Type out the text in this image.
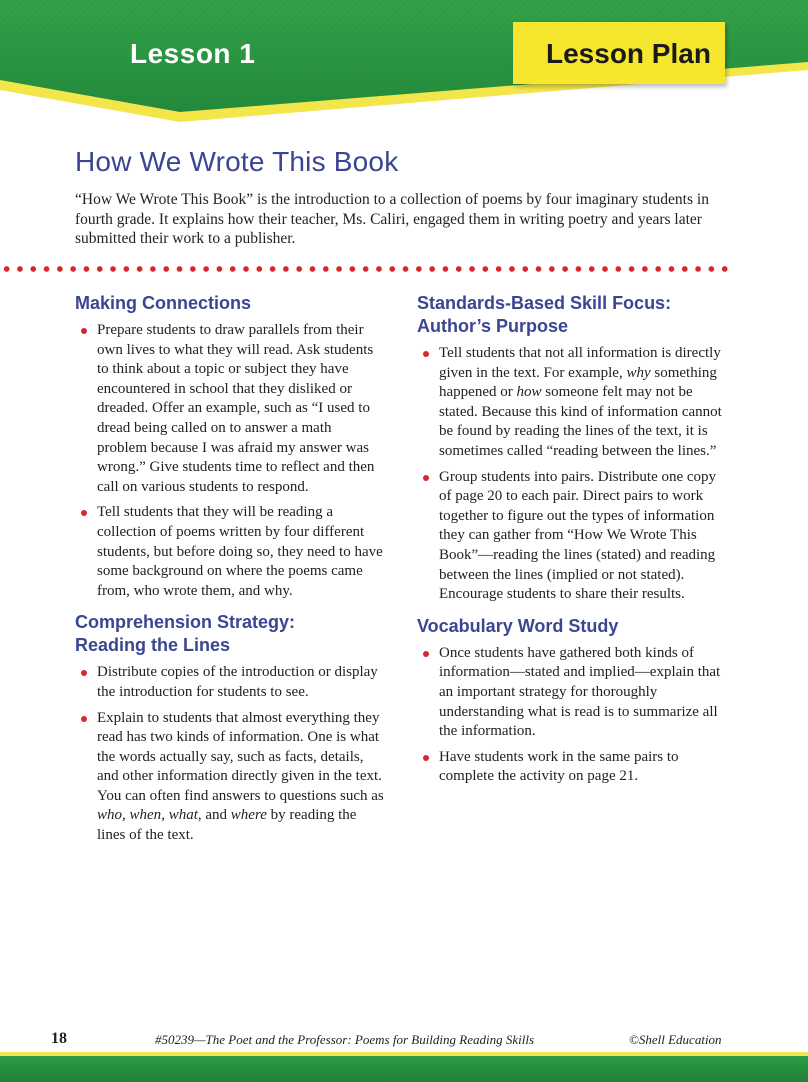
Lesson 1	Lesson Plan
How We Wrote This Book

“How We Wrote This Book” is the introduction to a collection of poems by four imaginary students in fourth grade. It explains how their teacher, Ms. Caliri, engaged them in writing poetry and years later submitted their work to a publisher.

Making Connections
Prepare students to draw parallels from their own lives to what they will read. Ask students to think about a topic or subject they have encountered in school that they disliked or dreaded. Offer an example, such as “I used to dread being called on to answer a math problem because I was afraid my answer was wrong.” Give students time to reflect and then call on various students to respond.
Tell students that they will be reading a collection of poems written by four different students, but before doing so, they need to have some background on where the poems came from, who wrote them, and why.
Comprehension Strategy:
Reading the Lines
Distribute copies of the introduction or display the introduction for students to see.
Explain to students that almost everything they read has two kinds of information. One is what the words actually say, such as facts, details, and other information directly given in the text. You can often find answers to questions such as who, when, what, and where by reading the lines of the text.
Standards-Based Skill Focus:
Author’s Purpose
Tell students that not all information is directly given in the text. For example, why something happened or how someone felt may not be stated. Because this kind of information cannot be found by reading the lines of the text, it is sometimes called “reading between the lines.”
Group students into pairs. Distribute one copy of page 20 to each pair. Direct pairs to work together to figure out the types of information they can gather from “How We Wrote This Book”—reading the lines (stated) and reading between the lines (implied or not stated). Encourage students to share their results.
Vocabulary Word Study
Once students have gathered both kinds of information—stated and implied—explain that an important strategy for thoroughly understanding what is read is to summarize all the information.
Have students work in the same pairs to complete the activity on page 21.
18	#50239—The Poet and the Professor: Poems for Building Reading Skills	©Shell Education
